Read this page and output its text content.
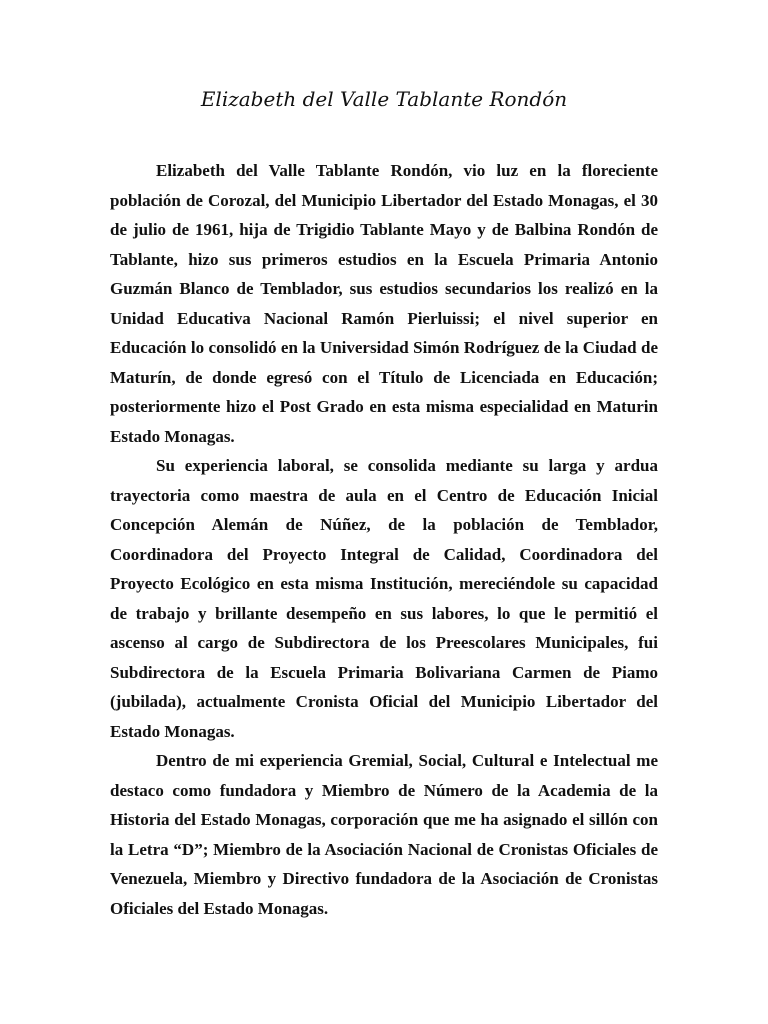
Elizabeth del Valle Tablante Rondón

Elizabeth del Valle Tablante Rondón, vio luz en la floreciente población de Corozal, del Municipio Libertador del Estado Monagas, el 30 de julio de 1961, hija de Trigidio Tablante Mayo y de Balbina Rondón de Tablante, hizo sus primeros estudios en la Escuela Primaria Antonio Guzmán Blanco de Temblador, sus estudios secundarios los realizó en la Unidad Educativa Nacional Ramón Pierluissi; el nivel superior en Educación lo consolidó en la Universidad Simón Rodríguez de la Ciudad de Maturín, de donde egresó con el Título de Licenciada en Educación; posteriormente hizo el Post Grado en esta misma especialidad en Maturin Estado Monagas.

Su experiencia laboral, se consolida mediante su larga y ardua trayectoria como maestra de aula en el Centro de Educación Inicial Concepción Alemán de Núñez, de la población de Temblador, Coordinadora del Proyecto Integral de Calidad, Coordinadora del Proyecto Ecológico en esta misma Institución, mereciéndole su capacidad de trabajo y brillante desempeño en sus labores, lo que le permitió el ascenso al cargo de Subdirectora de los Preescolares Municipales, fui Subdirectora de la Escuela Primaria Bolivariana Carmen de Piamo (jubilada), actualmente Cronista Oficial del Municipio Libertador del Estado Monagas.

Dentro de mi experiencia Gremial, Social, Cultural e Intelectual me destaco como fundadora y Miembro de Número de la Academia de la Historia del Estado Monagas, corporación que me ha asignado el sillón con la Letra “D”; Miembro de la Asociación Nacional de Cronistas Oficiales de Venezuela, Miembro y Directivo fundadora de la Asociación de Cronistas Oficiales del Estado Monagas.
